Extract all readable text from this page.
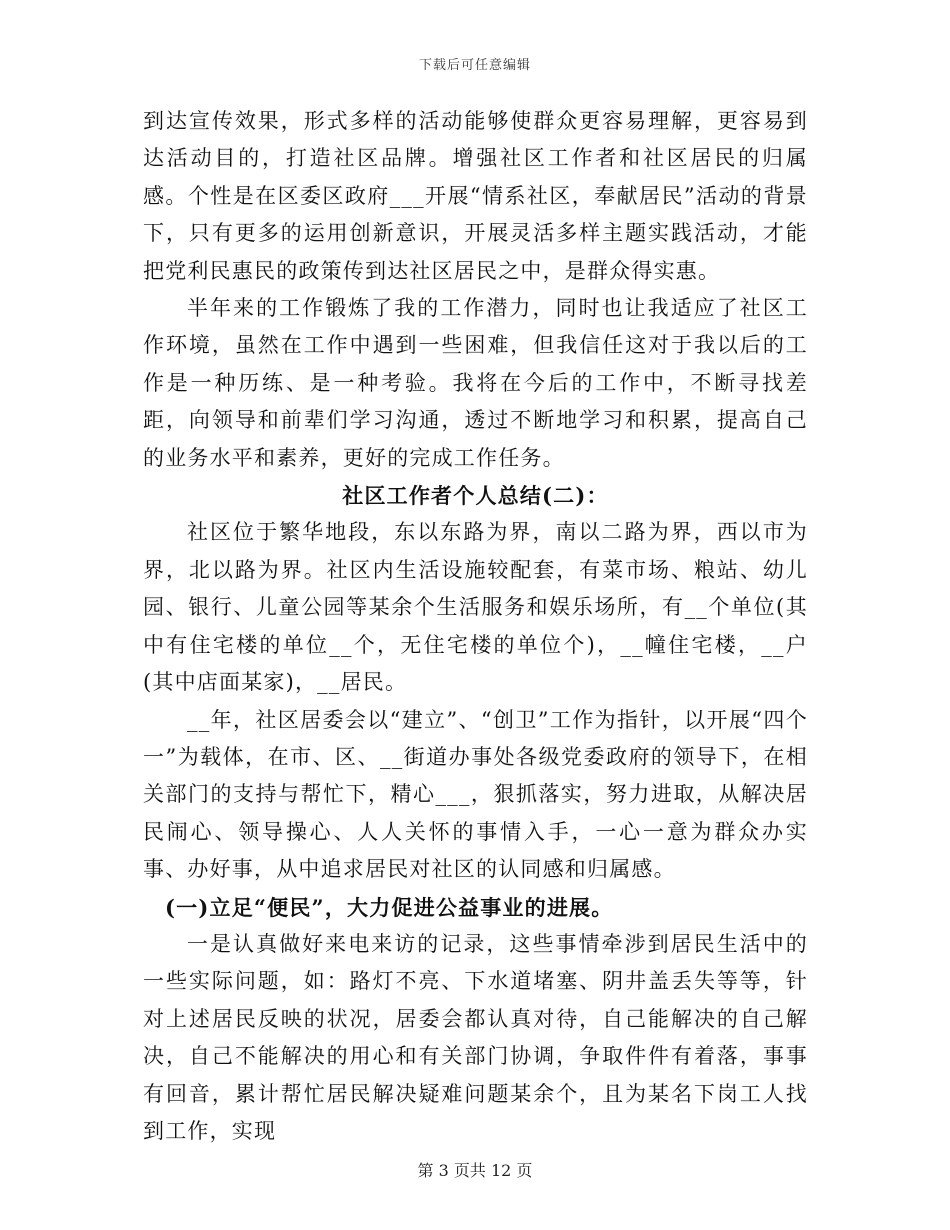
下载后可任意编辑

到达宣传效果，形式多样的活动能够使群众更容易理解，更容易到达活动目的，打造社区品牌。增强社区工作者和社区居民的归属感。个性是在区委区政府___开展“情系社区，奉献居民”活动的背景下，只有更多的运用创新意识，开展灵活多样主题实践活动，才能把党利民惠民的政策传到达社区居民之中，是群众得实惠。

半年来的工作锻炼了我的工作潜力，同时也让我适应了社区工作环境，虽然在工作中遇到一些困难，但我信任这对于我以后的工作是一种历练、是一种考验。我将在今后的工作中，不断寻找差距，向领导和前辈们学习沟通，透过不断地学习和积累，提高自己的业务水平和素养，更好的完成工作任务。

社区工作者个人总结(二)：

社区位于繁华地段，东以东路为界，南以二路为界，西以市为界，北以路为界。社区内生活设施较配套，有菜市场、粮站、幼儿园、银行、儿童公园等某余个生活服务和娱乐场所，有__个单位(其中有住宅楼的单位__个，无住宅楼的单位个)，__幢住宅楼，__户(其中店面某家)，__居民。

__年，社区居委会以“建立”、“创卫”工作为指针，以开展“四个一”为载体，在市、区、__街道办事处各级党委政府的领导下，在相关部门的支持与帮忙下，精心___，狠抓落实，努力进取，从解决居民闹心、领导操心、人人关怀的事情入手，一心一意为群众办实事、办好事，从中追求居民对社区的认同感和归属感。

(一)立足“便民”，大力促进公益事业的进展。

一是认真做好来电来访的记录，这些事情牵涉到居民生活中的一些实际问题，如：路灯不亮、下水道堵塞、阴井盖丢失等等，针对上述居民反映的状况，居委会都认真对待，自己能解决的自己解决，自己不能解决的用心和有关部门协调，争取件件有着落，事事有回音，累计帮忙居民解决疑难问题某余个，且为某名下岗工人找到工作，实现

第 3 页共 12 页
